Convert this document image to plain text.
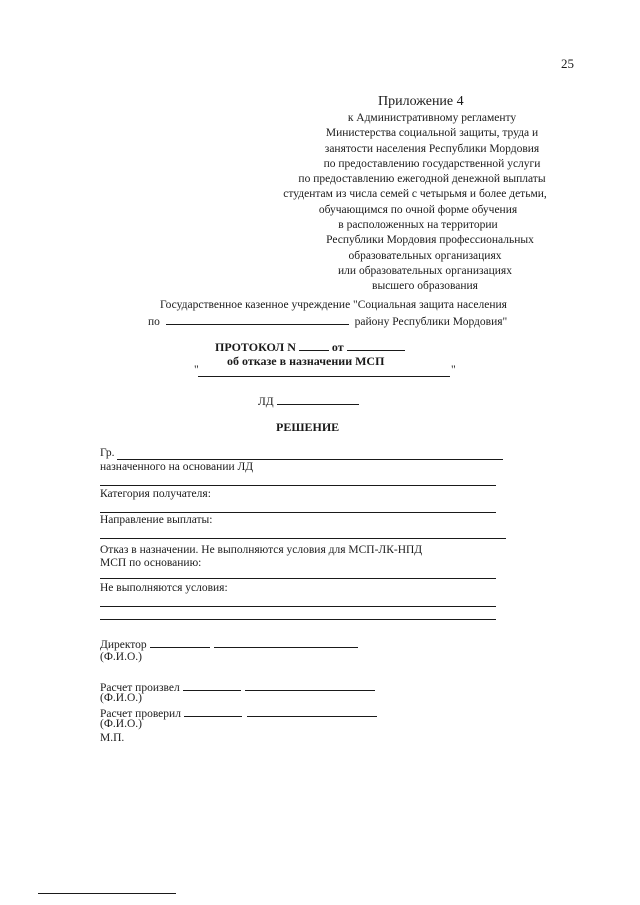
25
Приложение 4
к Административному регламенту
Министерства социальной защиты, труда и
занятости населения Республики Мордовия
по предоставлению государственной услуги
по предоставлению ежегодной денежной выплаты
студентам из числа семей с четырьмя и более детьми,
обучающимся по очной форме обучения
в расположенных на территории
Республики Мордовия профессиональных
образовательных организациях
или образовательных организациях
высшего образования
Государственное казенное учреждение "Социальная защита населения
по	району Республики Мордовия"
ПРОТОКОЛ N	от
об отказе в назначении МСП
"	"
ЛД
РЕШЕНИЕ
Гр.
назначенного на основании ЛД
Категория получателя:
Направление выплаты:
Отказ в назначении. Не выполняются условия для МСП-ЛК-НПД
МСП по основанию:
Не выполняются условия:
Директор
(Ф.И.О.)
Расчет произвел
(Ф.И.О.)
Расчет проверил
(Ф.И.О.)
М.П.
